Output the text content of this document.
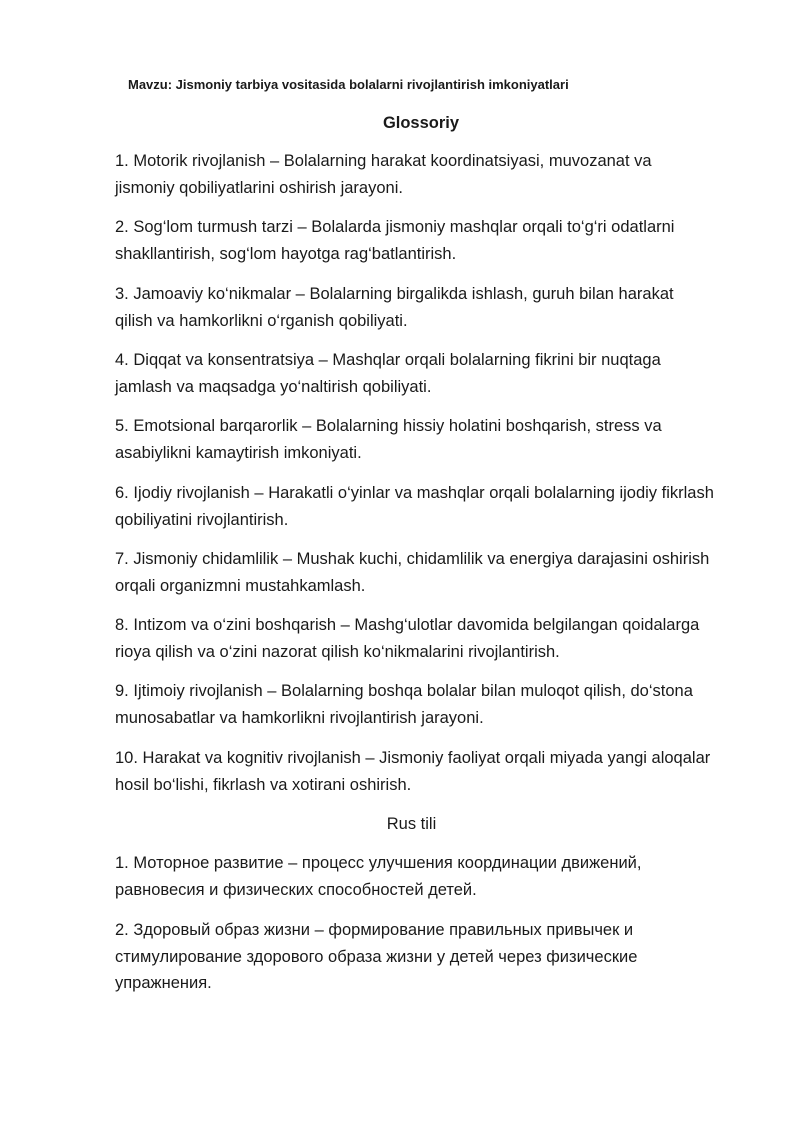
Mavzu: Jismoniy tarbiya vositasida bolalarni rivojlantirish imkoniyatlari
Glossoriy
1. Motorik rivojlanish – Bolalarning harakat koordinatsiyasi, muvozanat va jismoniy qobiliyatlarini oshirish jarayoni.
2. Sog‘lom turmush tarzi – Bolalarda jismoniy mashqlar orqali to‘g‘ri odatlarni shakllantirish, sog‘lom hayotga rag‘batlantirish.
3. Jamoaviy ko‘nikmalar – Bolalarning birgalikda ishlash, guruh bilan harakat qilish va hamkorlikni o‘rganish qobiliyati.
4. Diqqat va konsentratsiya – Mashqlar orqali bolalarning fikrini bir nuqtaga jamlash va maqsadga yo‘naltirish qobiliyati.
5. Emotsional barqarorlik – Bolalarning hissiy holatini boshqarish, stress va asabiylikni kamaytirish imkoniyati.
6. Ijodiy rivojlanish – Harakatli o‘yinlar va mashqlar orqali bolalarning ijodiy fikrlash qobiliyatini rivojlantirish.
7. Jismoniy chidamlilik – Mushak kuchi, chidamlilik va energiya darajasini oshirish orqali organizmni mustahkamlash.
8. Intizom va o‘zini boshqarish – Mashg‘ulotlar davomida belgilangan qoidalarga rioya qilish va o‘zini nazorat qilish ko‘nikmalarini rivojlantirish.
9. Ijtimoiy rivojlanish – Bolalarning boshqa bolalar bilan muloqot qilish, do‘stona munosabatlar va hamkorlikni rivojlantirish jarayoni.
10. Harakat va kognitiv rivojlanish – Jismoniy faoliyat orqali miyada yangi aloqalar hosil bo‘lishi, fikrlash va xotirani oshirish.
Rus tili
1. Моторное развитие – процесс улучшения координации движений, равновесия и физических способностей детей.
2. Здоровый образ жизни – формирование правильных привычек и стимулирование здорового образа жизни у детей через физические упражнения.
